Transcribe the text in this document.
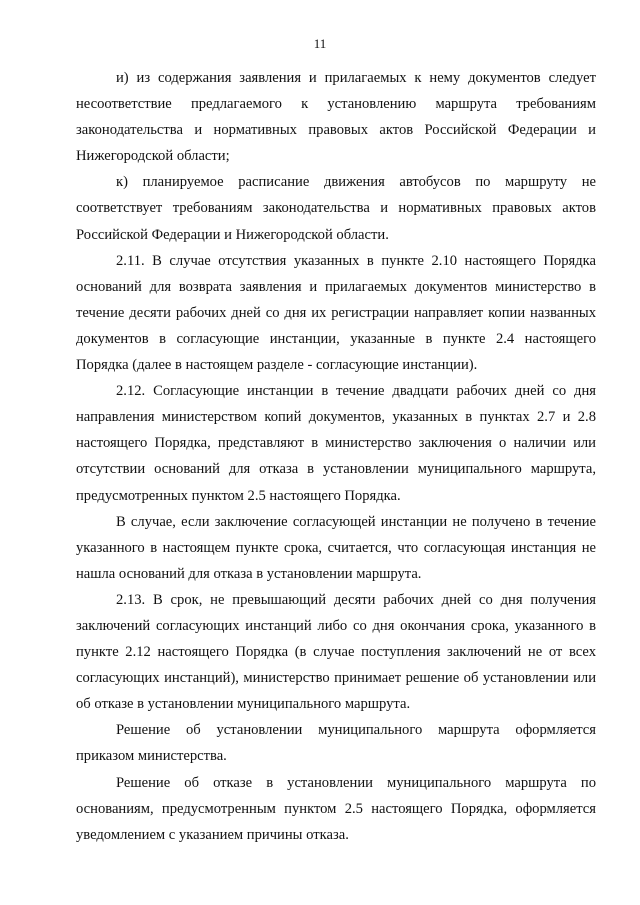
11

и) из содержания заявления и прилагаемых к нему документов следует несоответствие предлагаемого к установлению маршрута требованиям законодательства и нормативных правовых актов Российской Федерации и Нижегородской области;

к) планируемое расписание движения автобусов по маршруту не соответствует требованиям законодательства и нормативных правовых актов Российской Федерации и Нижегородской области.

2.11. В случае отсутствия указанных в пункте 2.10 настоящего Порядка оснований для возврата заявления и прилагаемых документов министерство в течение десяти рабочих дней со дня их регистрации направляет копии названных документов в согласующие инстанции, указанные в пункте 2.4 настоящего Порядка (далее в настоящем разделе - согласующие инстанции).

2.12. Согласующие инстанции в течение двадцати рабочих дней со дня направления министерством копий документов, указанных в пунктах 2.7 и 2.8 настоящего Порядка, представляют в министерство заключения о наличии или отсутствии оснований для отказа в установлении муниципального маршрута, предусмотренных пунктом 2.5 настоящего Порядка.

В случае, если заключение согласующей инстанции не получено в течение указанного в настоящем пункте срока, считается, что согласующая инстанция не нашла оснований для отказа в установлении маршрута.

2.13. В срок, не превышающий десяти рабочих дней со дня получения заключений согласующих инстанций либо со дня окончания срока, указанного в пункте 2.12 настоящего Порядка (в случае поступления заключений не от всех согласующих инстанций), министерство принимает решение об установлении или об отказе в установлении муниципального маршрута.

Решение об установлении муниципального маршрута оформляется приказом министерства.

Решение об отказе в установлении муниципального маршрута по основаниям, предусмотренным пунктом 2.5 настоящего Порядка, оформляется уведомлением с указанием причины отказа.
